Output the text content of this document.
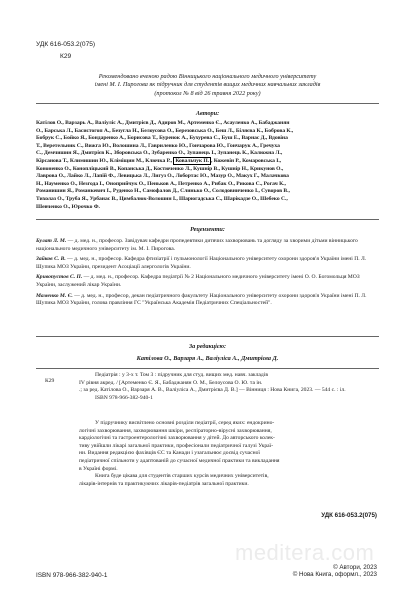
УДК 616-053.2(075)
К29
Рекомендовано вченою радою Вінницького національного медичного університету
імені М. І. Пирогова як підручник для студентів вищих медичних навчальних закладів
(протокол № 8 від 26 травня 2022 року)
Автори:
Катілов О., Варзарь А., Валіуліс А., Дмитрієв Д., Адиров М., Артеменко Є., Асауленко А., Бабаджанян
О., Барська Л., Басистогоп А., Безугла Н., Белоусова О., Березовська О., Беш Л., Біляєва К., Боброва К.,
Бобрук С., Бойко Я., Бондаренко А., Борисова Т., Буренок А., Бухурева С., Буш Е., Варнас Д., Вдовіна
Т., Веретельник С., Вижга Ю., Волошина Л., Гавриленко Ю., Гончарова Ю., Гончарук А., Гречуха
С., Демчишин Я., Дмитрієв К., Зборовська О., Зубаренко О., Зупанець І., Зупанець К., Калюжна Л.,
Кірсанова Т., Климишин Ю., Кліміщин М., Ключка Р., Ковальчук П. , Кожевін Р., Комаровська І.,
Кононенко О., Конопліцький В., Копанська Д., Костюченко Л., Кушнір В., Кушнір Н., Крикунов О.,
Лаврова О., Лайко Л., Лапій Ф., Левицька Л., Лигуз О., Лобортас Ю., Мазур О., Макух Г., Малачкова
Н., Науменко О., Незгода І., Оноприйчук О., Пеньков А., Петренко А., Рибак О., Рикова С., Рогач К.,
Романишин Я., Романкевич І., Руденко Н., Самофалов Д., Слинько О., Солодовниченко І., Суворов В.,
Тихолаз О., Труба Я., Урбанас В., Цимбалюк-Волошин І., Шарюгадська С., Шарікадзе О., Шебеко С.,
Шевченко О., Юрочко Ф.
Рецензенти:
Булат Л. М. — д. мед. н., професор. Завідувач кафедри пропедевтики дитячих захворювань та догляду за хворими дітьми вінницького національного медичного університету ім. М. І. Пирогова.
Зайков С. В. — д. мед. н., професор. Кафедра фтизіатрії і пульмонології Національного університету охорони здоров'я України імені П. Л. Шупика МОЗ України, президент Асоціації алергологів України.
Кривопустов С. П. — д. мед. н., професор. Кафедра педіатрії № 2 Національного медичного університету імені О. О. Богомольця МОЗ України, заслужений лікар України.
Маменко М. Є. — д. мед. н., професор, декан педіатричного факультету Національного університету охорони здоров'я України імені П. Л. Шупика МОЗ України, голова правління ГС "Українська Академія Педіатричних Спеціальностей".
За редакцією:
Катілова О., Варзаря А., Валіуліса А., Дмитрієва Д.
К29
Педіатрія : у 3-х т. Том 3 : підручник для студ. вищих мед. навч. закладів
IV рівня акред. / [Артеменко Є. Я., Бабаджанян О. М., Белоусова О. Ю. та ін.
.; за ред. Катілова О., Варзаря А. В., Валіуліса А., Дмитрієва Д. В.] — Вінниця : Нова Книга, 2023. — 544 с. : іл.
ISBN 978-966-382-940-1
У підручнику висвітлено основні розділи педіатрії, серед яких: ендокрино-
логічні захворювання, захворювання шкіри, респіраторно-вірусні захворювання,
кардіологічні та гастроентерологічні захворювання у дітей. До авторського колек-
тиву увійшли лікарі загальної практики, професіонали педіатричної галузі Украї-
ни. Видання редакцією фахівців ЄС та Канади і узагальнює досвід сучасної
педіатричної спільноти у адаптованій до сучасної медичної практики та викладання
в Україні формі.
Книга буде цікава для студентів старших курсів медичних університетів,
лікарів-інтернів та практикуючих лікарів-педіатрів загальної практики.
meditera.com
УДК 616-053.2(075)
ISBN 978-966-382-940-1
© Автори, 2023
© Нова Книга, оформл., 2023
